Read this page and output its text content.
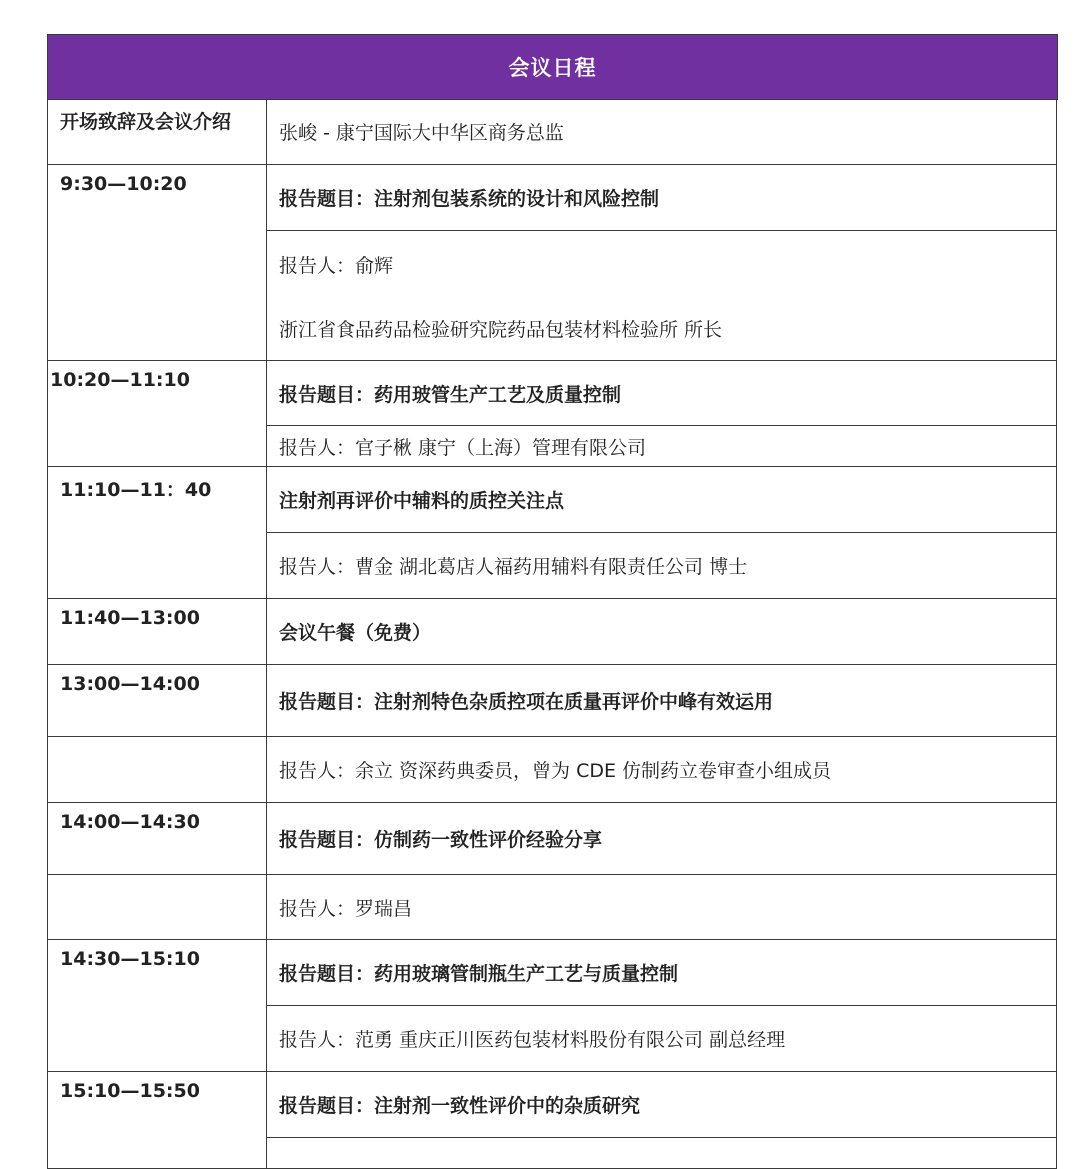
会议日程
开场致辞及会议介绍	张峻 - 康宁国际大中华区商务总监
9:30—10:20
报告题目：注射剂包装系统的设计和风险控制
报告人：俞辉
浙江省食品药品检验研究院药品包装材料检验所 所长
10:20—11:10
报告题目：药用玻管生产工艺及质量控制
报告人：官子楸 康宁（上海）管理有限公司
11:10—11：40	注射剂再评价中辅料的质控关注点
报告人：曹金 湖北葛店人福药用辅料有限责任公司 博士
11:40—13:00
会议午餐（免费）
13:00—14:00
报告题目：注射剂特色杂质控项在质量再评价中峰有效运用
报告人：余立 资深药典委员，曾为 CDE 仿制药立卷审查小组成员
14:00—14:30
报告题目：仿制药一致性评价经验分享
报告人：罗瑞昌
14:30—15:10
报告题目：药用玻璃管制瓶生产工艺与质量控制
报告人：范勇 重庆正川医药包装材料股份有限公司 副总经理
15:10—15:50
报告题目：注射剂一致性评价中的杂质研究
